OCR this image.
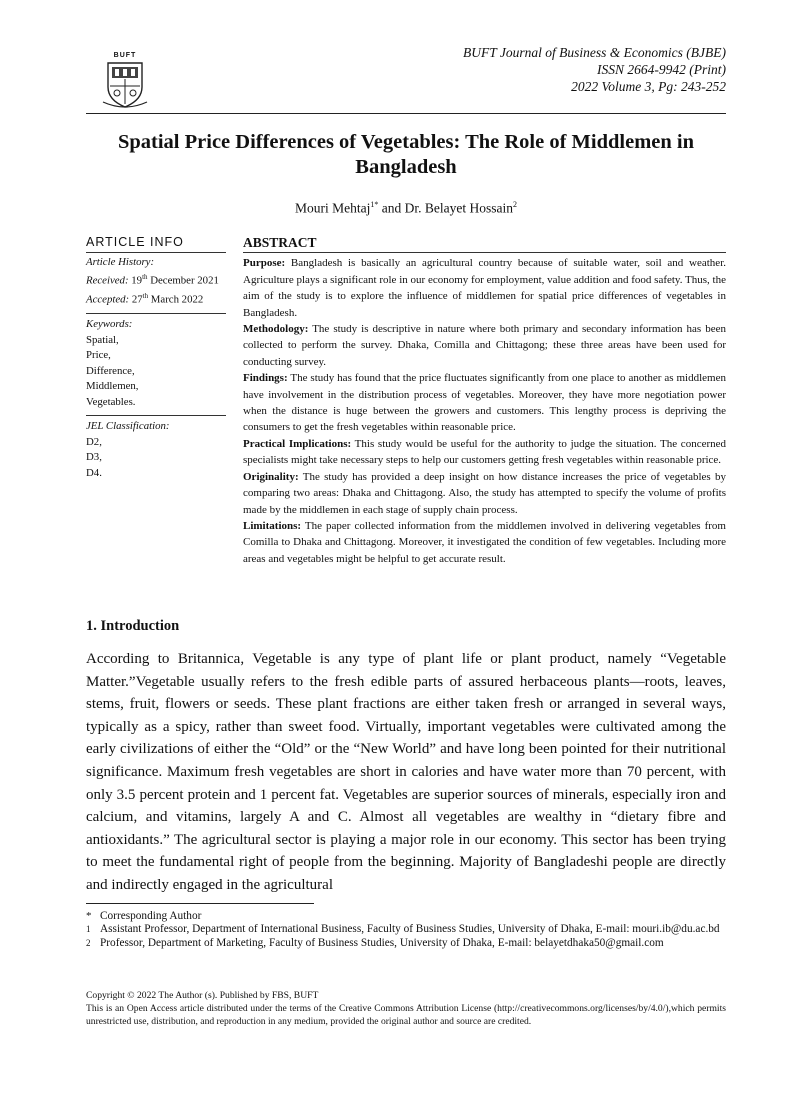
BUFT	BUFT Journal of Business & Economics (BJBE)
ISSN 2664-9942 (Print)
2022 Volume 3, Pg: 243-252
Spatial Price Differences of Vegetables: The Role of Middlemen in Bangladesh
Mouri Mehtaj$^{1*}$ and Dr. Belayet Hossain$^2$
ARTICLE INFO
Article History:
Received: 19th December 2021
Accepted: 27th March 2022
Keywords:
Spatial,
Price,
Difference,
Middlemen,
Vegetables.
JEL Classification:
D2,
D3,
D4.
ABSTRACT

Purpose: Bangladesh is basically an agricultural country because of suitable water, soil and weather. Agriculture plays a significant role in our economy for employment, value addition and food safety. Thus, the aim of the study is to explore the influence of middlemen for spatial price differences of vegetables in Bangladesh.

Methodology: The study is descriptive in nature where both primary and secondary information has been collected to perform the survey. Dhaka, Comilla and Chittagong; these three areas have been used for conducting survey.

Findings: The study has found that the price fluctuates significantly from one place to another as middlemen have involvement in the distribution process of vegetables. Moreover, they have more negotiation power when the distance is huge between the growers and customers. This lengthy process is depriving the consumers to get the fresh vegetables within reasonable price.

Practical Implications: This study would be useful for the authority to judge the situation. The concerned specialists might take necessary steps to help our customers getting fresh vegetables within reasonable price.

Originality: The study has provided a deep insight on how distance increases the price of vegetables by comparing two areas: Dhaka and Chittagong. Also, the study has attempted to specify the volume of profits made by the middlemen in each stage of supply chain process.

Limitations: The paper collected information from the middlemen involved in delivering vegetables from Comilla to Dhaka and Chittagong. Moreover, it investigated the condition of few vegetables. Including more areas and vegetables might be helpful to get accurate result.

1. Introduction
According to Britannica, Vegetable is any type of plant life or plant product, namely “Vegetable Matter.”Vegetable usually refers to the fresh edible parts of assured herbaceous plants—roots, leaves, stems, fruit, flowers or seeds. These plant fractions are either taken fresh or arranged in several ways, typically as a spicy, rather than sweet food. Virtually, important vegetables were cultivated among the early civilizations of either the “Old” or the “New World” and have long been pointed for their nutritional significance. Maximum fresh vegetables are short in calories and have water more than 70 percent, with only 3.5 percent protein and 1 percent fat. Vegetables are superior sources of minerals, especially iron and calcium, and vitamins, largely A and C. Almost all vegetables are wealthy in “dietary fibre and antioxidants.” The agricultural sector is playing a major role in our economy. This sector has been trying to meet the fundamental right of people from the beginning. Majority of Bangladeshi people are directly and indirectly engaged in the agricultural
* Corresponding Author
1 Assistant Professor, Department of International Business, Faculty of Business Studies, University of Dhaka, E-mail: mouri.ib@du.ac.bd
2 Professor, Department of Marketing, Faculty of Business Studies, University of Dhaka, E-mail: belayetdhaka50@gmail.com

Copyright © 2022 The Author (s). Published by FBS, BUFT

This is an Open Access article distributed under the terms of the Creative Commons Attribution License (http://creativecommons.org/licenses/by/4.0/),which permits unrestricted use, distribution, and reproduction in any medium, provided the original author and source are credited.
